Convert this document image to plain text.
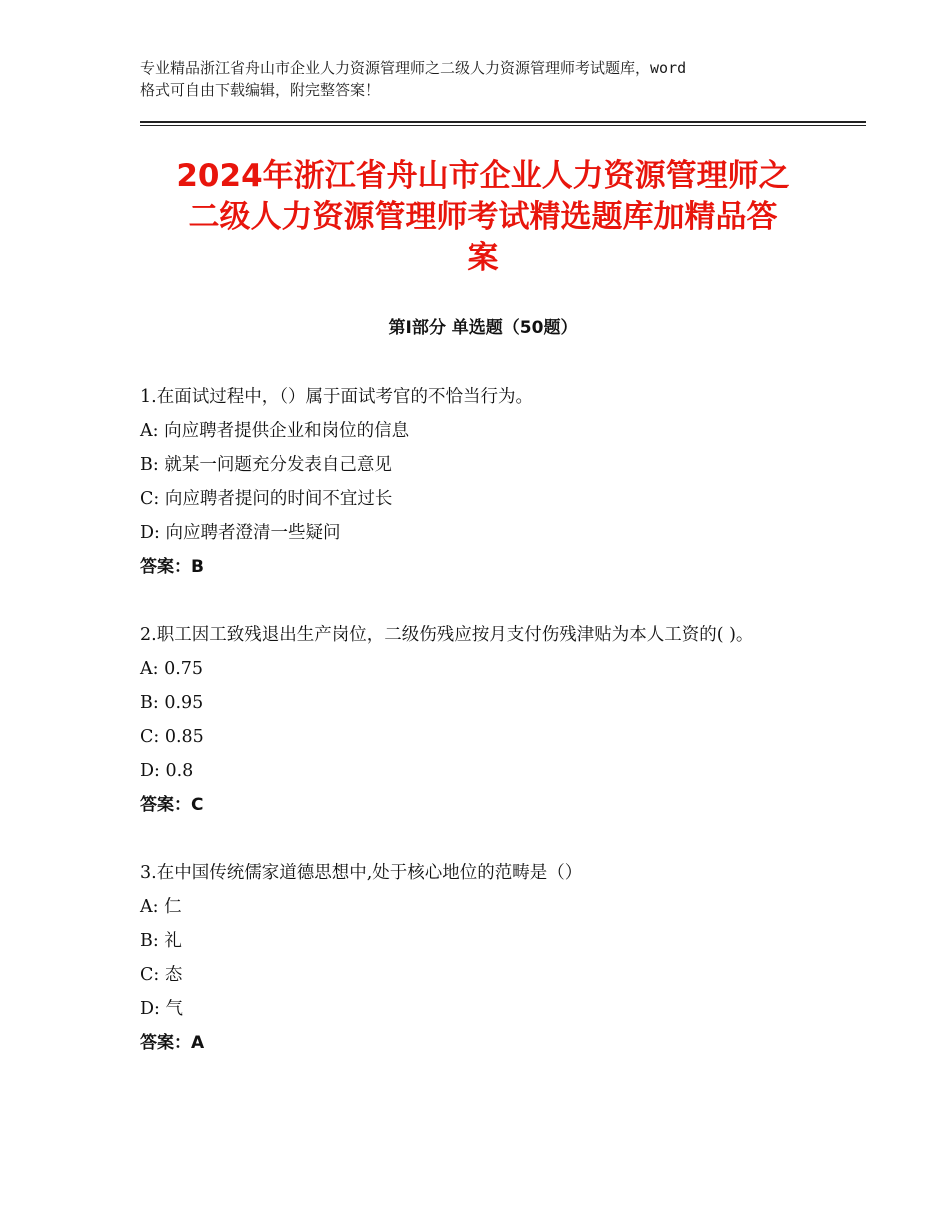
专业精品浙江省舟山市企业人力资源管理师之二级人力资源管理师考试题库，word
格式可自由下载编辑，附完整答案！
2024年浙江省舟山市企业人力资源管理师之
二级人力资源管理师考试精选题库加精品答
案
第Ⅰ部分 单选题（50题）
1.在面试过程中，（）属于面试考官的不恰当行为。
A: 向应聘者提供企业和岗位的信息
B: 就某一问题充分发表自己意见
C: 向应聘者提问的时间不宜过长
D: 向应聘者澄清一些疑问
答案：B
2.职工因工致残退出生产岗位，二级伤残应按月支付伤残津贴为本人工资的( )。
A: 0.75
B: 0.95
C: 0.85
D: 0.8
答案：C
3.在中国传统儒家道德思想中,处于核心地位的范畴是（）
A: 仁
B: 礼
C: 态
D: 气
答案：A
